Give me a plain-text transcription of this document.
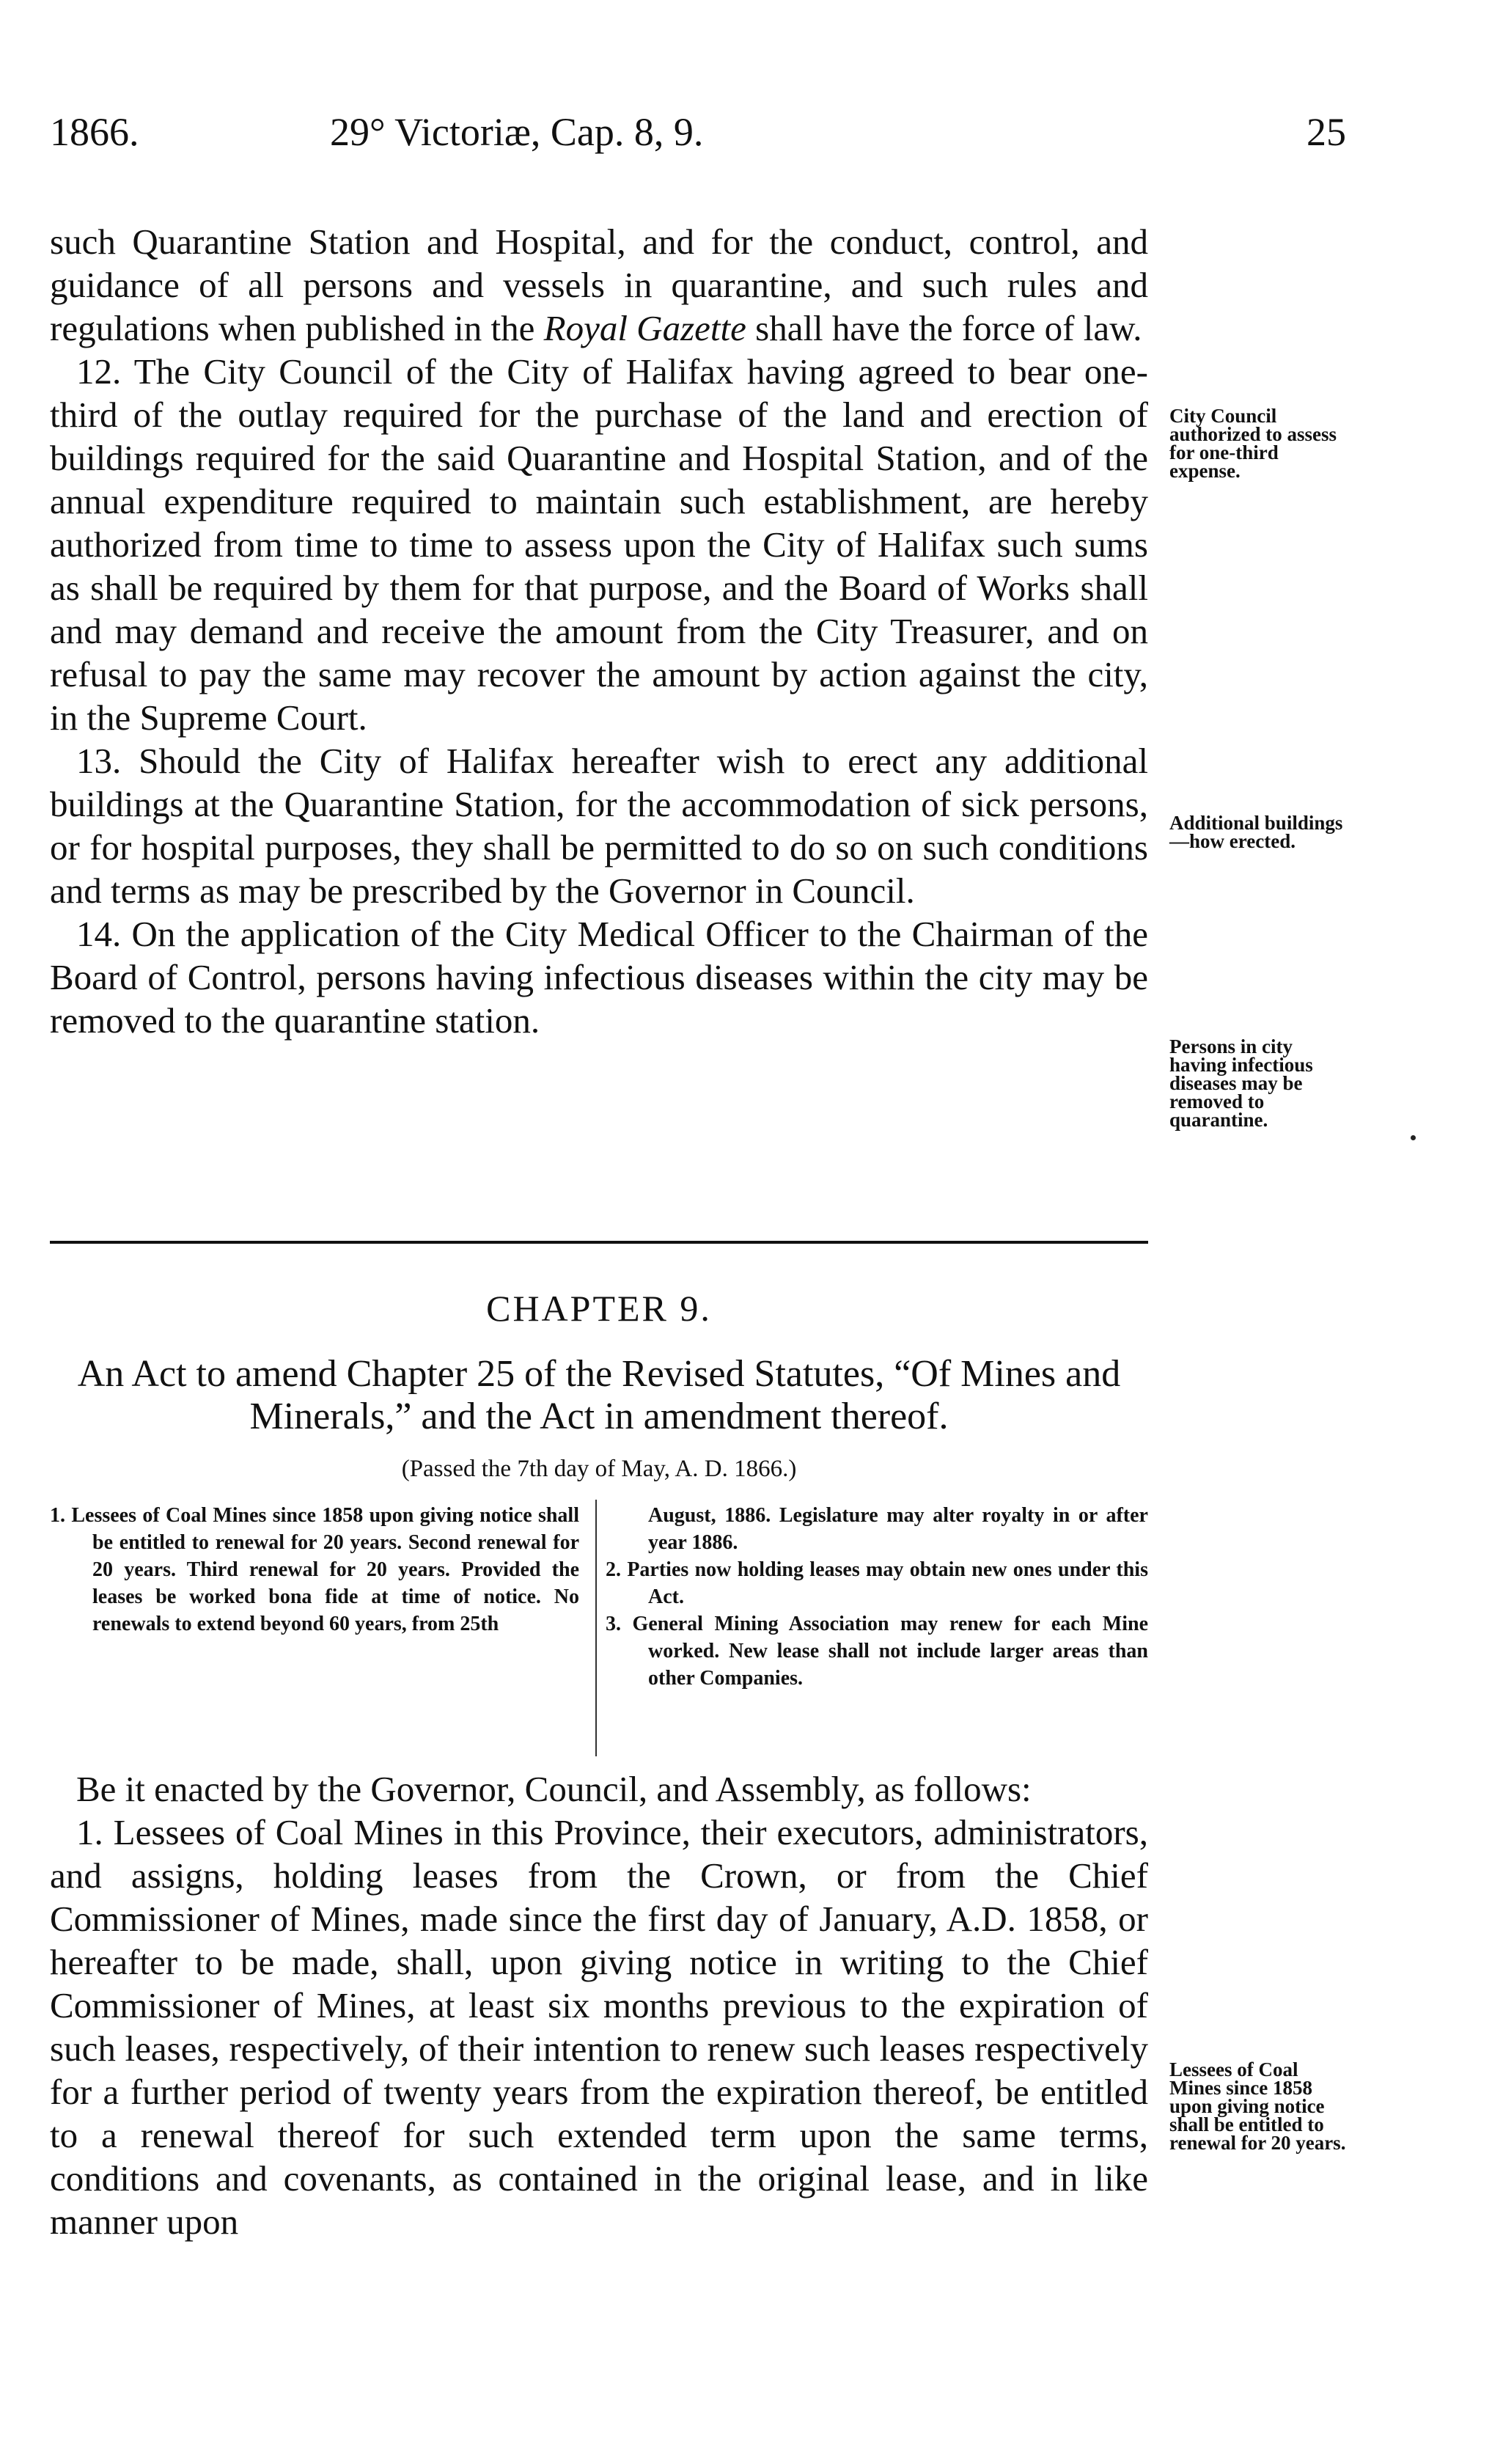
1866.	29° Victoriæ, Cap. 8, 9.	25

such Quarantine Station and Hospital, and for the conduct, control, and guidance of all persons and vessels in quarantine, and such rules and regulations when published in the Royal Gazette shall have the force of law.

12. The City Council of the City of Halifax having agreed to bear one-third of the outlay required for the purchase of the land and erection of buildings required for the said Quarantine and Hospital Station, and of the annual expenditure required to maintain such establishment, are hereby authorized from time to time to assess upon the City of Halifax such sums as shall be required by them for that purpose, and the Board of Works shall and may demand and receive the amount from the City Treasurer, and on refusal to pay the same may recover the amount by action against the city, in the Supreme Court.

13. Should the City of Halifax hereafter wish to erect any additional buildings at the Quarantine Station, for the accommodation of sick persons, or for hospital purposes, they shall be permitted to do so on such conditions and terms as may be prescribed by the Governor in Council.

14. On the application of the City Medical Officer to the Chairman of the Board of Control, persons having infectious diseases within the city may be removed to the quarantine station.

City Council authorized to assess for one-third expense.
Additional buildings—how erected.
Persons in city having infectious diseases may be removed to quarantine.
CHAPTER 9.
An Act to amend Chapter 25 of the Revised Statutes, “Of Mines and Minerals,” and the Act in amendment thereof.
(Passed the 7th day of May, A. D. 1866.)
1. Lessees of Coal Mines since 1858 upon giving notice shall be entitled to renewal for 20 years. Second renewal for 20 years. Third renewal for 20 years. Provided the leases be worked bona fide at time of notice. No renewals to extend beyond 60 years, from 25th
August, 1886. Legislature may alter royalty in or after year 1886.
2. Parties now holding leases may obtain new ones under this Act.
3. General Mining Association may renew for each Mine worked. New lease shall not include larger areas than other Companies.

Be it enacted by the Governor, Council, and Assembly, as follows:

1. Lessees of Coal Mines in this Province, their executors, administrators, and assigns, holding leases from the Crown, or from the Chief Commissioner of Mines, made since the first day of January, A.D. 1858, or hereafter to be made, shall, upon giving notice in writing to the Chief Commissioner of Mines, at least six months previous to the expiration of such leases, respectively, of their intention to renew such leases respectively for a further period of twenty years from the expiration thereof, be entitled to a renewal thereof for such extended term upon the same terms, conditions and covenants, as contained in the original lease, and in like manner upon

Lessees of Coal Mines since 1858 upon giving notice shall be entitled to renewal for 20 years.
